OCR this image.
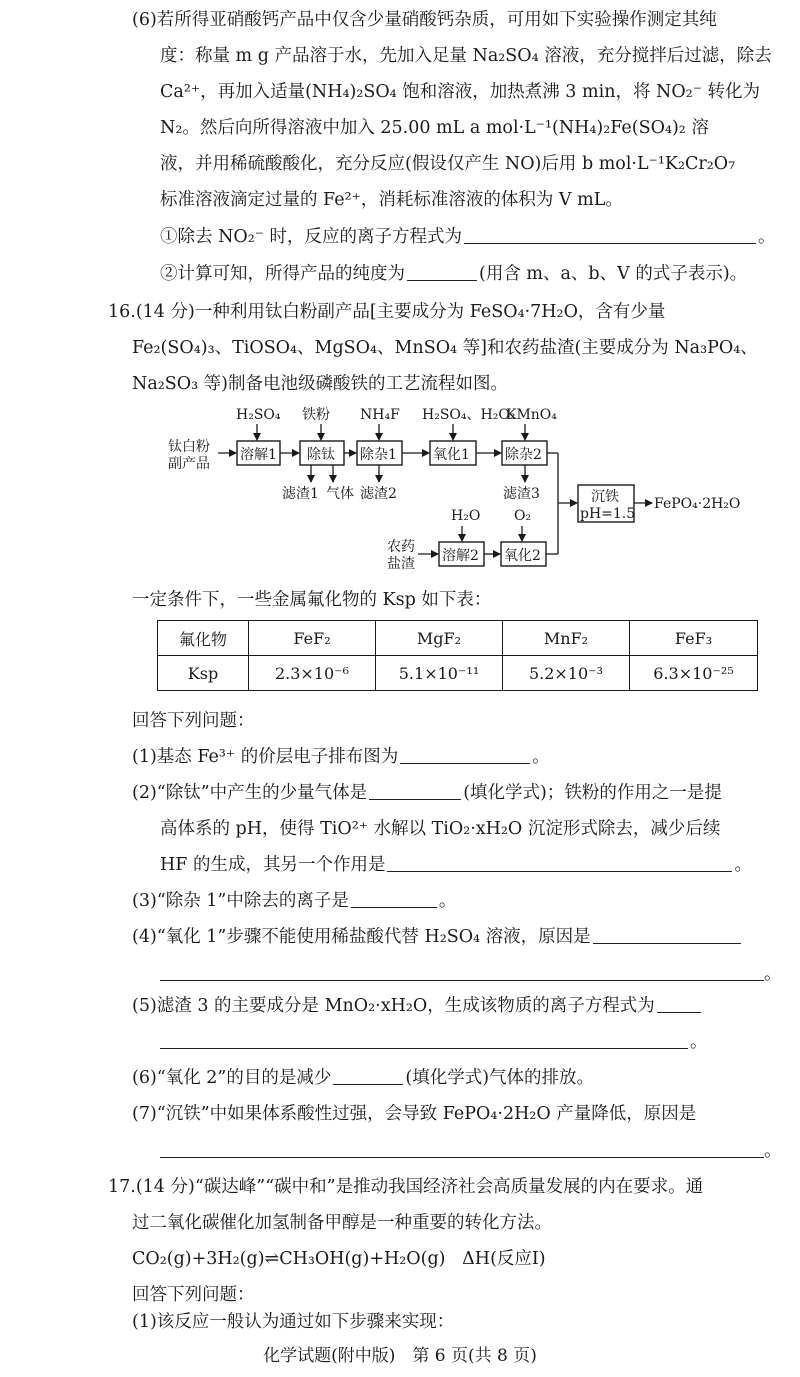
(6)若所得亚硝酸钙产品中仅含少量硝酸钙杂质，可用如下实验操作测定其纯
度：称量 m g 产品溶于水，先加入足量 Na₂SO₄ 溶液，充分搅拌后过滤，除去
Ca²⁺，再加入适量(NH₄)₂SO₄ 饱和溶液，加热煮沸 3 min，将 NO₂⁻ 转化为
N₂。然后向所得溶液中加入 25.00 mL a mol·L⁻¹(NH₄)₂Fe(SO₄)₂ 溶
液，并用稀硫酸酸化，充分反应(假设仅产生 NO)后用 b mol·L⁻¹K₂Cr₂O₇
标准溶液滴定过量的 Fe²⁺，消耗标准溶液的体积为 V mL。
①除去 NO₂⁻ 时，反应的离子方程式为	。
②计算可知，所得产品的纯度为	(用含 m、a、b、V 的式子表示)。
16.(14 分)一种利用钛白粉副产品[主要成分为 FeSO₄·7H₂O，含有少量
Fe₂(SO₄)₃、TiOSO₄、MgSO₄、MnSO₄ 等]和农药盐渣(主要成分为 Na₃PO₄、
Na₂SO₃ 等)制备电池级磷酸铁的工艺流程如图。
钛白粉
副产品
H₂SO₄ 铁粉 NH₄F H₂SO₄、H₂O₂
KMnO₄
溶解1 除钛 除杂1	氧化1	除杂2
滤渣1 气体 滤渣2	滤渣3	沉铁
pH=1.5
FePO₄·2H₂O
H₂O O₂
农药
盐渣 溶解2 氧化2
一定条件下，一些金属氟化物的 Ksp 如下表：
氟化物	FeF₂	MgF₂	MnF₂	FeF₃
Ksp	2.3×10⁻⁶	5.1×10⁻¹¹	5.2×10⁻³	6.3×10⁻²⁵
回答下列问题：
(1)基态 Fe³⁺ 的价层电子排布图为	。
(2)“除钛”中产生的少量气体是	(填化学式)；铁粉的作用之一是提
高体系的 pH，使得 TiO²⁺ 水解以 TiO₂·xH₂O 沉淀形式除去，减少后续
HF 的生成，其另一个作用是	。
(3)“除杂 1”中除去的离子是	。
(4)“氧化 1”步骤不能使用稀盐酸代替 H₂SO₄ 溶液，原因是
。
(5)滤渣 3 的主要成分是 MnO₂·xH₂O，生成该物质的离子方程式为
。
(6)“氧化 2”的目的是减少	(填化学式)气体的排放。
(7)“沉铁”中如果体系酸性过强，会导致 FePO₄·2H₂O 产量降低，原因是
。
17.(14 分)“碳达峰”“碳中和”是推动我国经济社会高质量发展的内在要求。通
过二氧化碳催化加氢制备甲醇是一种重要的转化方法。
CO₂(g)+3H₂(g)⇌CH₃OH(g)+H₂O(g)   ΔH(反应Ⅰ)
回答下列问题：
(1)该反应一般认为通过如下步骤来实现：
化学试题(附中版)　第 6 页(共 8 页)
